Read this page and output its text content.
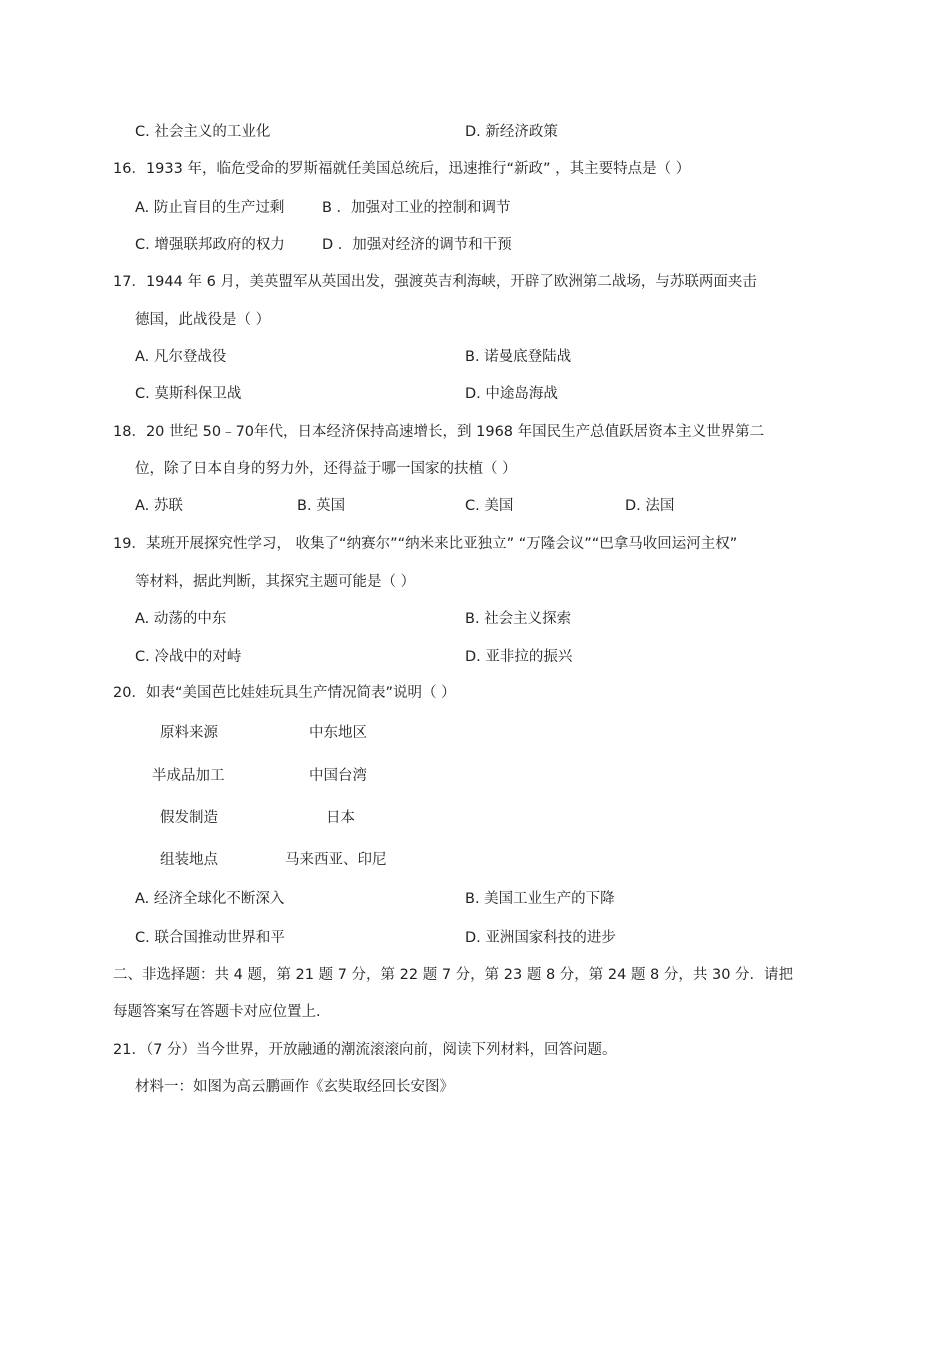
C. 社会主义的工业化	D. 新经济政策
16．1933 年，临危受命的罗斯福就任美国总统后，迅速推行“新政” ，其主要特点是（ ）
A. 防止盲目的生产过剩	B ．加强对工业的控制和调节
C. 增强联邦政府的权力	D ．加强对经济的调节和干预
17．1944 年 6 月，美英盟军从英国出发，强渡英吉利海峡，开辟了欧洲第二战场，与苏联两面夹击
德国，此战役是（ ）
A. 凡尔登战役	B. 诺曼底登陆战
C. 莫斯科保卫战	D. 中途岛海战
18．20 世纪 50﹣70年代，日本经济保持高速增长，到 1968 年国民生产总值跃居资本主义世界第二
位，除了日本自身的努力外，还得益于哪一国家的扶植（ ）
A. 苏联	B. 英国	C. 美国	D. 法国
19．某班开展探究性学习， 收集了“纳赛尔”“纳米来比亚独立” “万隆会议”“巴拿马收回运河主权”
等材料，据此判断，其探究主题可能是（ ）
A. 动荡的中东	B. 社会主义探索
C. 冷战中的对峙	D. 亚非拉的振兴
20．如表“美国芭比娃娃玩具生产情况简表”说明（ ）
原料来源	中东地区
半成品加工	中国台湾
假发制造	日本
组装地点	马来西亚、印尼
A. 经济全球化不断深入	B. 美国工业生产的下降
C. 联合国推动世界和平	D. 亚洲国家科技的进步
二、非选择题：共 4 题，第 21 题 7 分，第 22 题 7 分，第 23 题 8 分，第 24 题 8 分，共 30 分．请把
每题答案写在答题卡对应位置上.
21．（7 分）当今世界，开放融通的潮流滚滚向前，阅读下列材料，回答问题。
材料一：如图为高云鹏画作《玄奘取经回长安图》
